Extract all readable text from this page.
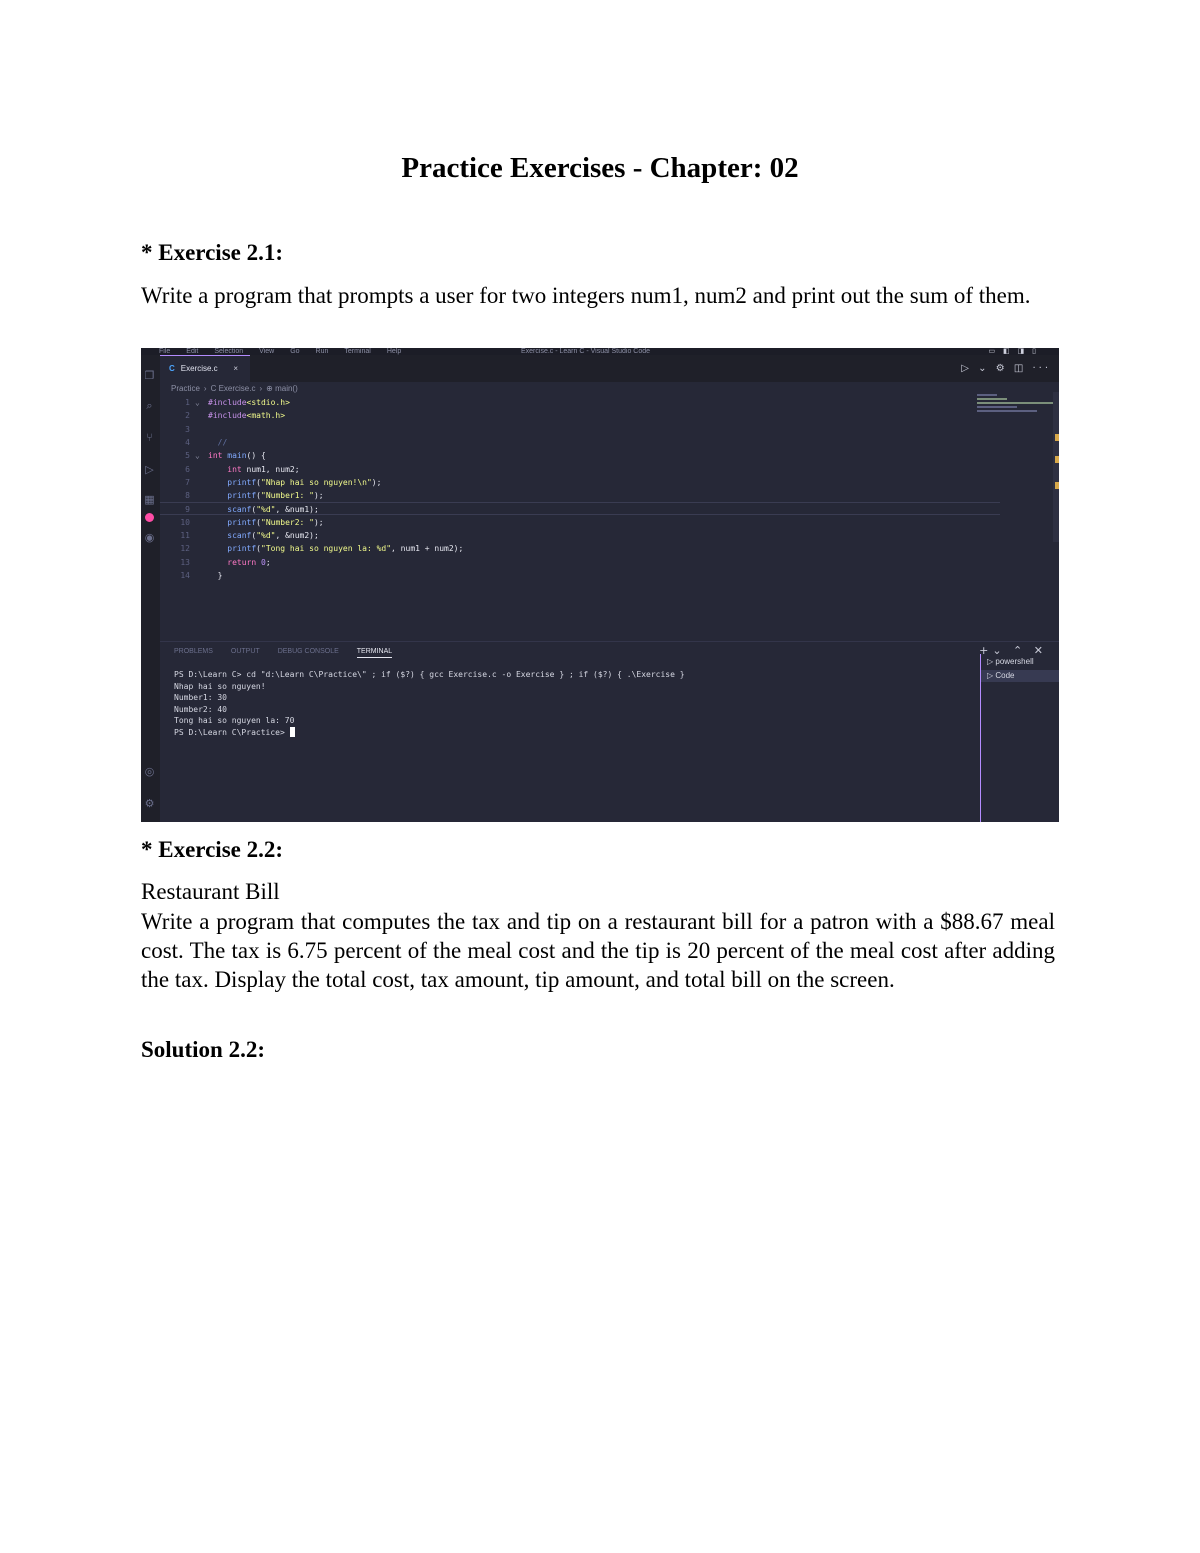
Practice Exercises - Chapter: 02
* Exercise 2.1:

Write a program that prompts a user for two integers num1, num2 and print out the sum of them.

File Edit Selection View Go Run Terminal Help	Exercise.c - Learn C - Visual Studio Code	▭ ◧ ◨ ▯
❐
⌕
⑂
▷
▦
◉
◎
⚙
C Exercise.c ×	▷ ⌄ ⚙ ◫ ···
Practice › C Exercise.c › ⊕ main()
1 ⌄ #include<stdio.h>
2 #include<math.h>
3
4 //
5 ⌄ int main() {
6 int num1, num2;
7 printf("Nhap hai so nguyen!\n");
8 printf("Number1: ");
9 scanf("%d", &num1);
10 printf("Number2: ");
11 scanf("%d", &num2);
12 printf("Tong hai so nguyen la: %d", num1 + num2);
13 return 0;
14 }
PROBLEMS	OUTPUT	DEBUG CONSOLE	TERMINAL	+⌄ ⌃ ✕
PS D:\Learn C> cd "d:\Learn C\Practice\" ; if ($?) { gcc Exercise.c -o Exercise } ; if ($?) { .\Exercise }
Nhap hai so nguyen!
Number1: 30
Number2: 40
Tong hai so nguyen la: 70
PS D:\Learn C\Practice>
▷ powershell
▷ Code
* Exercise 2.2:

Restaurant Bill

Write a program that computes the tax and tip on a restaurant bill for a patron with a $88.67 meal cost. The tax is 6.75 percent of the meal cost and the tip is 20 percent of the meal cost after adding the tax. Display the total cost, tax amount, tip amount, and total bill on the screen.

Solution 2.2:
